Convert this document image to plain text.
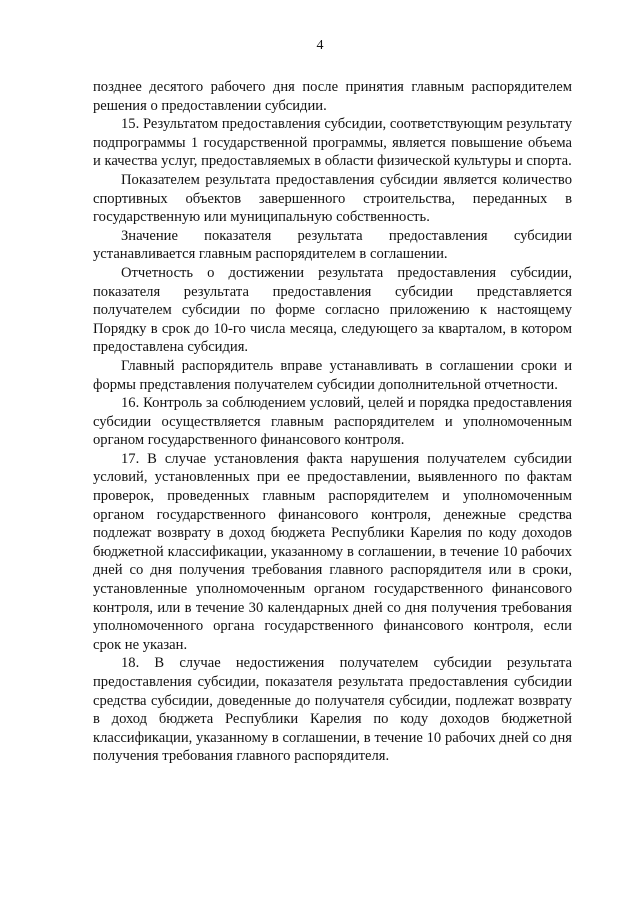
4

позднее десятого рабочего дня после принятия главным распорядителем решения о предоставлении субсидии.

15. Результатом предоставления субсидии, соответствующим результату подпрограммы 1 государственной программы, является повышение объема и качества услуг, предоставляемых в области физической культуры и спорта.

Показателем результата предоставления субсидии является количество спортивных объектов завершенного строительства, переданных в государственную или муниципальную собственность.

Значение показателя результата предоставления субсидии устанавливается главным распорядителем в соглашении.

Отчетность о достижении результата предоставления субсидии, показателя результата предоставления субсидии представляется получателем субсидии по форме согласно приложению к настоящему Порядку в срок до 10-го числа месяца, следующего за кварталом, в котором предоставлена субсидия.

Главный распорядитель вправе устанавливать в соглашении сроки и формы представления получателем субсидии дополнительной отчетности.

16. Контроль за соблюдением условий, целей и порядка предоставления субсидии осуществляется главным распорядителем и уполномоченным органом государственного финансового контроля.

17. В случае установления факта нарушения получателем субсидии условий, установленных при ее предоставлении, выявленного по фактам проверок, проведенных главным распорядителем и уполномоченным органом государственного финансового контроля, денежные средства подлежат возврату в доход бюджета Республики Карелия по коду доходов бюджетной классификации, указанному в соглашении, в течение 10 рабочих дней со дня получения требования главного распорядителя или в сроки, установленные уполномоченным органом государственного финансового контроля, или в течение 30 календарных дней со дня получения требования уполномоченного органа государственного финансового контроля, если срок не указан.

18. В случае недостижения получателем субсидии результата предоставления субсидии, показателя результата предоставления субсидии средства субсидии, доведенные до получателя субсидии, подлежат возврату в доход бюджета Республики Карелия по коду доходов бюджетной классификации, указанному в соглашении, в течение 10 рабочих дней со дня получения требования главного распорядителя.
